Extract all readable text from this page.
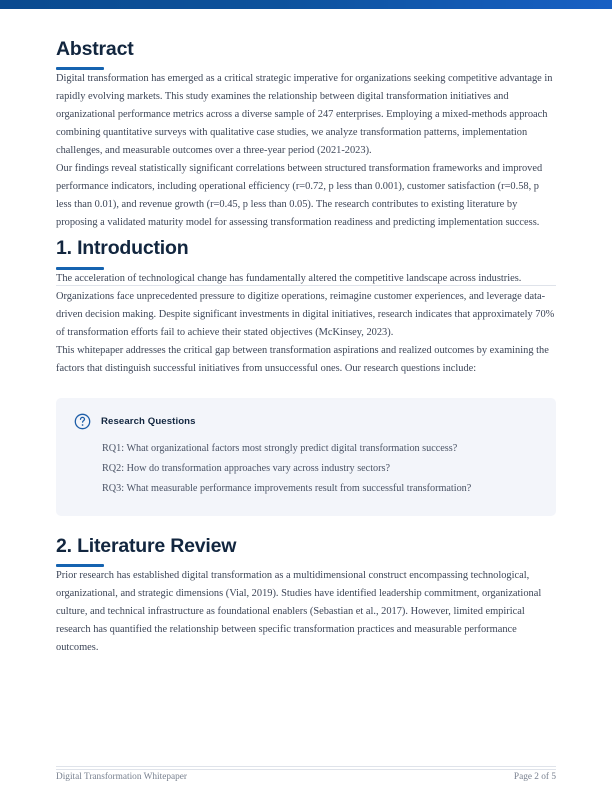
Abstract

Digital transformation has emerged as a critical strategic imperative for organizations seeking competitive advantage in rapidly evolving markets. This study examines the relationship between digital transformation initiatives and organizational performance metrics across a diverse sample of 247 enterprises. Employing a mixed-methods approach combining quantitative surveys with qualitative case studies, we analyze transformation patterns, implementation challenges, and measurable outcomes over a three-year period (2021-2023).

Our findings reveal statistically significant correlations between structured transformation frameworks and improved performance indicators, including operational efficiency (r=0.72, p less than 0.001), customer satisfaction (r=0.58, p less than 0.01), and revenue growth (r=0.45, p less than 0.05). The research contributes to existing literature by proposing a validated maturity model for assessing transformation readiness and predicting implementation success.

1. Introduction

The acceleration of technological change has fundamentally altered the competitive landscape across industries. Organizations face unprecedented pressure to digitize operations, reimagine customer experiences, and leverage data-driven decision making. Despite significant investments in digital initiatives, research indicates that approximately 70% of transformation efforts fail to achieve their stated objectives (McKinsey, 2023).

This whitepaper addresses the critical gap between transformation aspirations and realized outcomes by examining the factors that distinguish successful initiatives from unsuccessful ones. Our research questions include:

Research Questions
RQ1: What organizational factors most strongly predict digital transformation success?
RQ2: How do transformation approaches vary across industry sectors?
RQ3: What measurable performance improvements result from successful transformation?
2. Literature Review

Prior research has established digital transformation as a multidimensional construct encompassing technological, organizational, and strategic dimensions (Vial, 2019). Studies have identified leadership commitment, organizational culture, and technical infrastructure as foundational enablers (Sebastian et al., 2017). However, limited empirical research has quantified the relationship between specific transformation practices and measurable performance outcomes.

Digital Transformation Whitepaper	Page 2 of 5
